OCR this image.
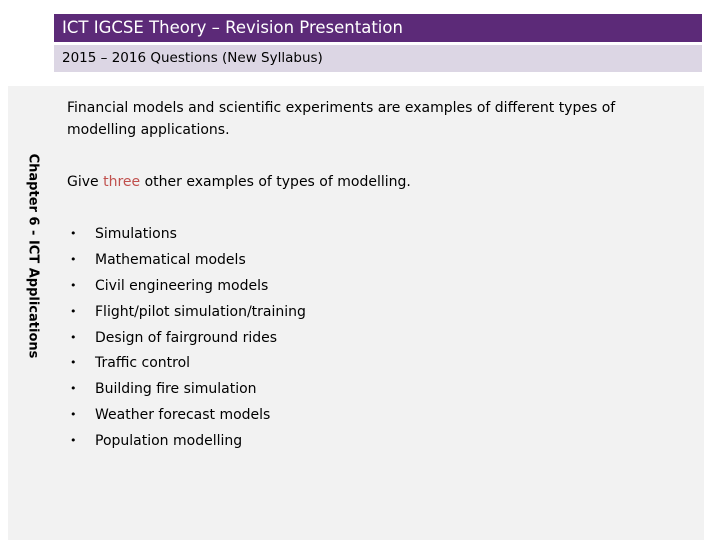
ICT IGCSE Theory – Revision Presentation
2015 – 2016 Questions (New Syllabus)
Chapter 6 - ICT Applications

Financial models and scientific experiments are examples of different types of modelling applications.

Give three other examples of types of modelling.

• Simulations
• Mathematical models
• Civil engineering models
• Flight/pilot simulation/training
• Design of fairground rides
• Traffic control
• Building fire simulation
• Weather forecast models
• Population modelling
